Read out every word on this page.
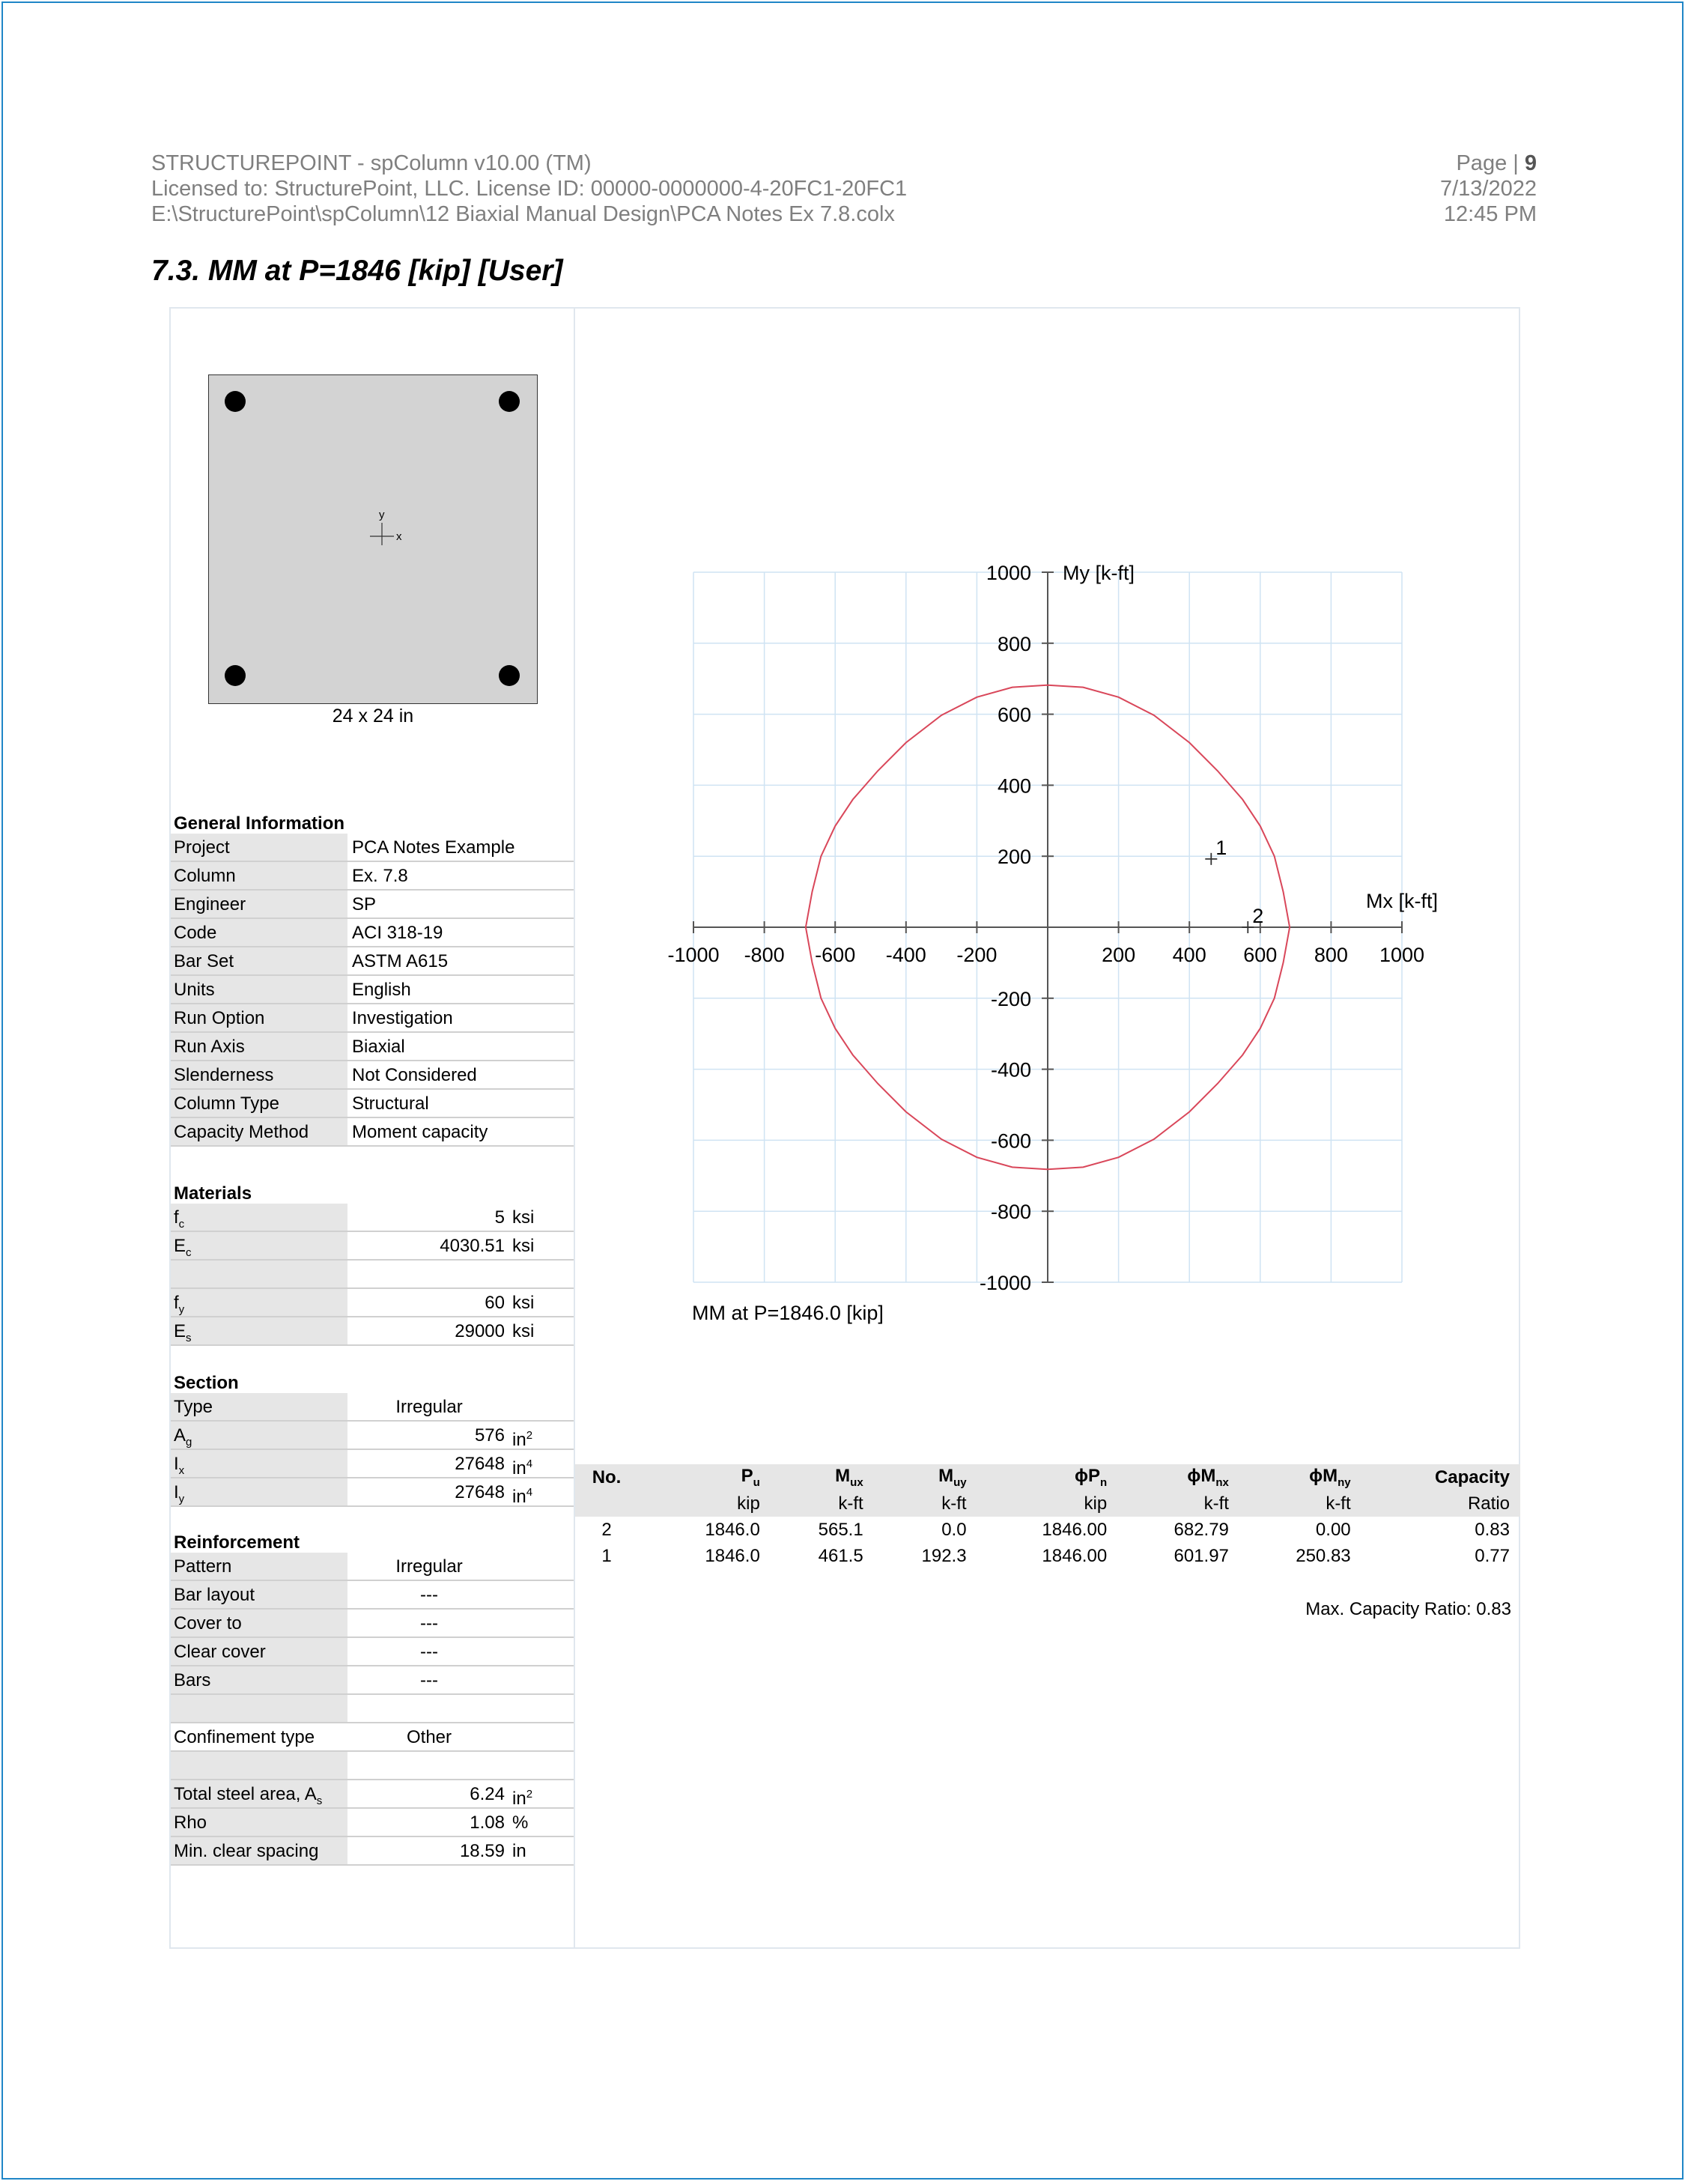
STRUCTUREPOINT - spColumn v10.00 (TM)
Licensed to: StructurePoint, LLC. License ID: 00000-0000000-4-20FC1-20FC1
E:\StructurePoint\spColumn\12 Biaxial Manual Design\PCA Notes Ex 7.8.colx
Page | 9
7/13/2022
12:45 PM
7.3. MM at P=1846 [kip] [User]
x
y
24 x 24 in
General Information
Project	PCA Notes Example
Column	Ex. 7.8
Engineer	SP
Code	ACI 318-19
Bar Set	ASTM A615
Units	English
Run Option	Investigation
Run Axis	Biaxial
Slenderness	Not Considered
Column Type	Structural
Capacity Method	Moment capacity
Materials
$f_c$	5 ksi
$E_c$	4030.51 ksi
$f_y$	60 ksi
$E_s$	29000 ksi
Section
Type	Irregular
$A_g$	576 $in^2$
$I_x$	27648 $in^4$
$I_y$	27648 $in^4$
Reinforcement
Pattern	Irregular
Bar layout	---
Cover to	---
Clear cover	---
Bars	---
Confinement type	Other
Total steel area, $A_s$	6.24 $in^2$
Rho	1.08 %
Min. clear spacing	18.59 in
-1000 -800 -600 -400 -200	200 400 600 800 1000
1000
800
600
400
200
-200
-400
-600
-800
-1000
1
2
Mx [k-ft]
My [k-ft]
MM at P=1846.0 [kip]
No.	$P_u$	$M_{ux}$	$M_{uy}$	$\phi P_n$	$\phi M_{nx}$	$\phi M_{ny}$	Capacity
	kip	k-ft	k-ft	kip	k-ft	k-ft	Ratio
2	1846.0	565.1	0.0	1846.00	682.79	0.00	0.83
1	1846.0	461.5	192.3	1846.00	601.97	250.83	0.77
Max. Capacity Ratio: 0.83
